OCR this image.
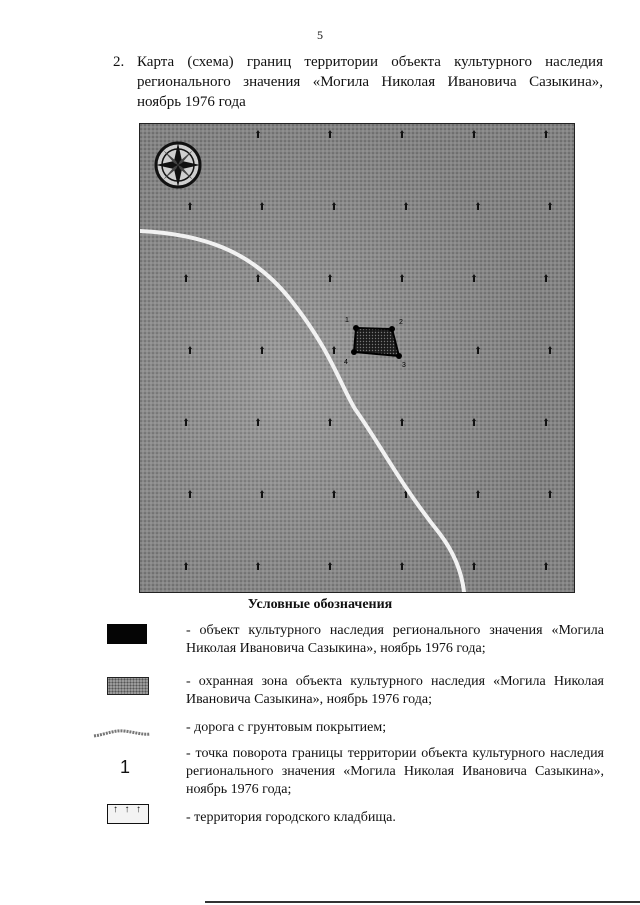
5
2. Карта (схема) границ территории объекта культурного наследия регионального значения «Могила Николая Ивановича Сазыкина», ноябрь 1976 года
1	2
3
4
Условные обозначения
- объект культурного наследия регионального значения «Могила Николая Ивановича Сазыкина», ноябрь 1976 года;
- охранная зона объекта культурного наследия «Могила Николая Ивановича Сазыкина», ноябрь 1976 года;
- дорога с грунтовым покрытием;
1
- точка поворота границы территории объекта культурного наследия регионального значения «Могила Николая Ивановича Сазыкина», ноябрь 1976 года;
↑ ↑ ↑
- территория городского кладбища.
